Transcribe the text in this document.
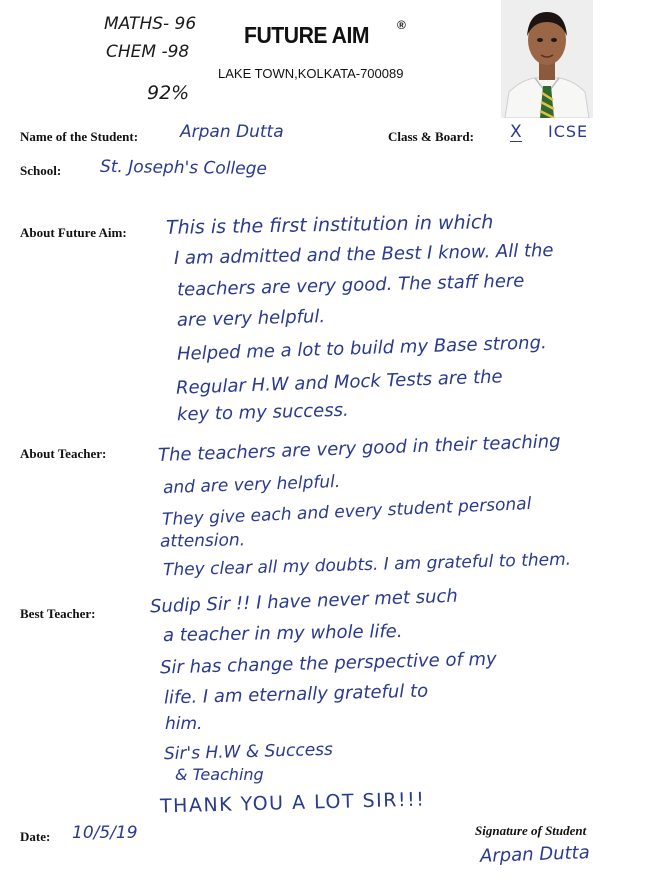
MATHS- 96
CHEM -98
92%
FUTURE AIM ®
LAKE TOWN,KOLKATA-700089
Name of the Student: Arpan Dutta	Class & Board: X ICSE
School: St. Joseph's College
About Future Aim: This is the first institution in which
I am admitted and the Best I know. All the
teachers are very good. The staff here
are very helpful.
Helped me a lot to build my Base strong.
Regular H.W and Mock Tests are the
key to my success.
About Teacher:	The teachers are very good in their teaching
and are very helpful.
They give each and every student personal
attension.
They clear all my doubts. I am grateful to them.
Best Teacher:	Sudip Sir !! I have never met such
a teacher in my whole life.
Sir has change the perspective of my
life. I am eternally grateful to
him.
Sir's H.W & Success
& Teaching
THANK YOU A LOT SIR!!!
Date: 10/5/19	Signature of Student
Arpan Dutta
